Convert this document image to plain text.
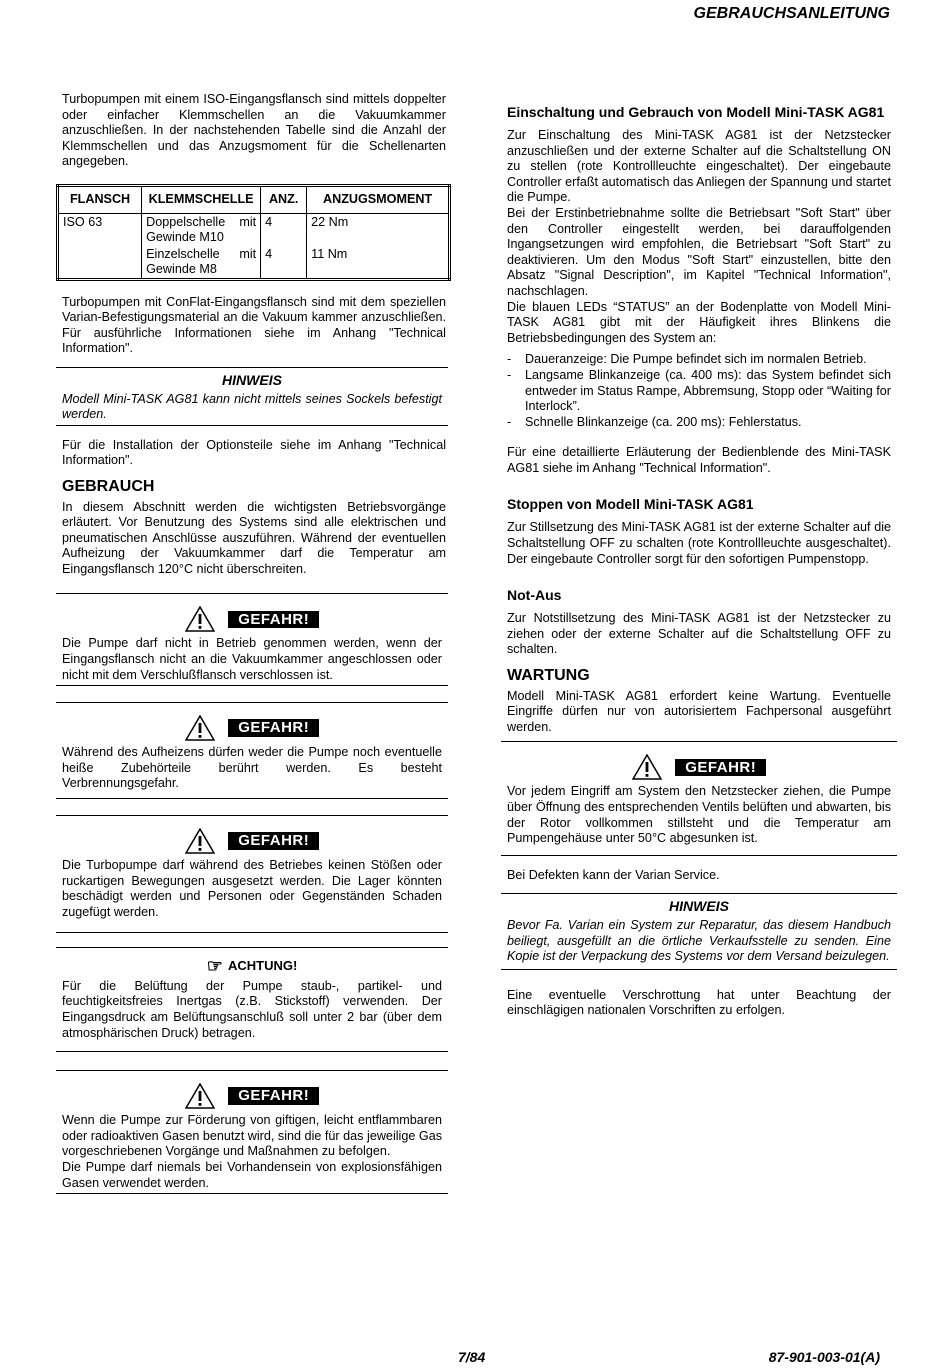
GEBRAUCHSANLEITUNG

Turbopumpen mit einem ISO-Eingangsflansch sind mittels doppelter oder einfacher Klemmschellen an die Vakuumkammer anzuschließen. In der nachstehenden Tabelle sind die Anzahl der Klemmschellen und das Anzugsmoment für die Schellenarten angegeben.

FLANSCH	KLEMMSCHELLE	ANZ.	ANZUGSMOMENT
ISO 63	Doppelschelle mit Gewinde M10	4	22 Nm
	Einzelschelle mit Gewinde M8	4	11 Nm

Turbopumpen mit ConFlat-Eingangsflansch sind mit dem speziellen Varian-Befestigungsmaterial an die Vakuum kammer anzuschließen. Für ausführliche Informationen siehe im Anhang "Technical Information".

HINWEIS
Modell Mini-TASK AG81 kann nicht mittels seines Sockels befestigt werden.

Für die Installation der Optionsteile siehe im Anhang "Technical Information".

GEBRAUCH

In diesem Abschnitt werden die wichtigsten Betriebsvorgänge erläutert. Vor Benutzung des Systems sind alle elektrischen und pneumatischen Anschlüsse auszuführen. Während der eventuellen Aufheizung der Vakuumkammer darf die Temperatur am Eingangsflansch 120°C nicht überschreiten.

GEFAHR!

Die Pumpe darf nicht in Betrieb genommen werden, wenn der Eingangsflansch nicht an die Vakuumkammer angeschlossen oder nicht mit dem Verschlußflansch verschlossen ist.

GEFAHR!

Während des Aufheizens dürfen weder die Pumpe noch eventuelle heiße Zubehörteile berührt werden. Es besteht Verbrennungsgefahr.

GEFAHR!

Die Turbopumpe darf während des Betriebes keinen Stößen oder ruckartigen Bewegungen ausgesetzt werden. Die Lager könnten beschädigt werden und Personen oder Gegenständen Schaden zugefügt werden.

☞ ACHTUNG!

Für die Belüftung der Pumpe staub-, partikel- und feuchtigkeitsfreies Inertgas (z.B. Stickstoff) verwenden. Der Eingangsdruck am Belüftungsanschluß soll unter 2 bar (über dem atmosphärischen Druck) betragen.

GEFAHR!

Wenn die Pumpe zur Förderung von giftigen, leicht entflammbaren oder radioaktiven Gasen benutzt wird, sind die für das jeweilige Gas vorgeschriebenen Vorgänge und Maßnahmen zu befolgen.

Die Pumpe darf niemals bei Vorhandensein von explosionsfähigen Gasen verwendet werden.

Einschaltung und Gebrauch von Modell Mini-TASK AG81

Zur Einschaltung des Mini-TASK AG81 ist der Netzstecker anzuschließen und der externe Schalter auf die Schaltstellung ON zu stellen (rote Kontrollleuchte eingeschaltet). Der eingebaute Controller erfaßt automatisch das Anliegen der Spannung und startet die Pumpe.

Bei der Erstinbetriebnahme sollte die Betriebsart "Soft Start" über den Controller eingestellt werden, bei darauffolgenden Ingangsetzungen wird empfohlen, die Betriebsart "Soft Start" zu deaktivieren. Um den Modus "Soft Start" einzustellen, bitte den Absatz "Signal Description", im Kapitel "Technical Information", nachschlagen.

Die blauen LEDs “STATUS” an der Bodenplatte von Modell Mini-TASK AG81 gibt mit der Häufigkeit ihres Blinkens die Betriebsbedingungen des System an:

- Daueranzeige: Die Pumpe befindet sich im normalen Betrieb.
- Langsame Blinkanzeige (ca. 400 ms): das System befindet sich entweder im Status Rampe, Abbremsung, Stopp oder “Waiting for Interlock”.
- Schnelle Blinkanzeige (ca. 200 ms): Fehlerstatus.

Für eine detaillierte Erläuterung der Bedienblende des Mini-TASK AG81 siehe im Anhang "Technical Information".

Stoppen von Modell Mini-TASK AG81

Zur Stillsetzung des Mini-TASK AG81 ist der externe Schalter auf die Schaltstellung OFF zu schalten (rote Kontrollleuchte ausgeschaltet). Der eingebaute Controller sorgt für den sofortigen Pumpenstopp.

Not-Aus

Zur Notstillsetzung des Mini-TASK AG81 ist der Netzstecker zu ziehen oder der externe Schalter auf die Schaltstellung OFF zu schalten.

WARTUNG

Modell Mini-TASK AG81 erfordert keine Wartung. Eventuelle Eingriffe dürfen nur von autorisiertem Fachpersonal ausgeführt werden.

GEFAHR!

Vor jedem Eingriff am System den Netzstecker ziehen, die Pumpe über Öffnung des entsprechenden Ventils belüften und abwarten, bis der Rotor vollkommen stillsteht und die Temperatur am Pumpengehäuse unter 50°C abgesunken ist.

Bei Defekten kann der Varian Service.

HINWEIS
Bevor Fa. Varian ein System zur Reparatur, das diesem Handbuch beiliegt, ausgefüllt an die örtliche Verkaufsstelle zu senden. Eine Kopie ist der Verpackung des Systems vor dem Versand beizulegen.

Eine eventuelle Verschrottung hat unter Beachtung der einschlägigen nationalen Vorschriften zu erfolgen.

7/84	87-901-003-01(A)
